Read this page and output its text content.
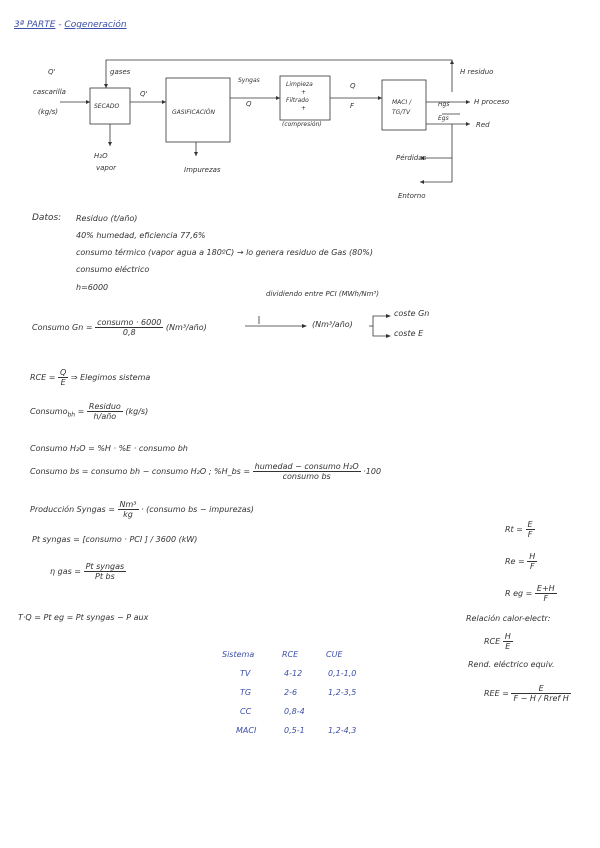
3ª PARTE - Cogeneración
Q'
cascarilla
(kg/s)
gases
SECADO
Q'
GASIFICACIÓN
Syngas
Q
Limpieza
+
Filtrado
+
(compresión)
Q
F	MACI /
TG/TV
H₂O
vapor	Impurezas
H residuo
Hgs	H proceso
Egs
Red
Pérdidas
Entorno
Datos: Residuo (t/año)
40% humedad, eficiencia 77,6%
consumo térmico (vapor agua a 180ºC) → lo genera residuo de Gas (80%)
consumo eléctrico
h=6000
dividiendo entre PCI (MWh/Nm³)
Consumo $Gn = \frac{\text{consumo · 6000}}{0,8}$ (Nm³/año)	(Nm³/año)
coste Gn
coste E
RCE = $\frac{Q}{E}$ ⇒ Elegimos sistema
Consumo$_{bh}$ = $\frac{\text{Residuo}}{\text{h/año}} (kg/s)$
Consumo H₂O = %H · %E · consumo bh
Consumo bs = consumo bh − consumo H₂O ; %H_bs = $\frac{\text{humedad − consumo H₂O}}{\text{consumo bs}} \cdot 100$
Producción Syngas = $\frac{\text{Nm³}}{kg}$ · (consumo bs − impurezas)
Pt syngas = [consumo · PCI ] / 3600 (kW)
η gas = $\frac{\text{Pt syngas}}{\text{Pt bs}}$
T·Q = Pt eg = Pt syngas − P aux
$Rt = \frac{E}{F}$
$Re = \frac{H}{F}$
R eg = $\frac{E+H}{F}$
Relación calor-electr:
RCE $\frac{H}{E}$
Rend. eléctrico equiv.
REE = $\frac{E}{\text{F − H / Rref H}}$
Sistema	RCE	CUE
TV	4-12	0,1-1,0
TG	2-6	1,2-3,5
CC	0,8-4
MACI	0,5-1	1,2-4,3
